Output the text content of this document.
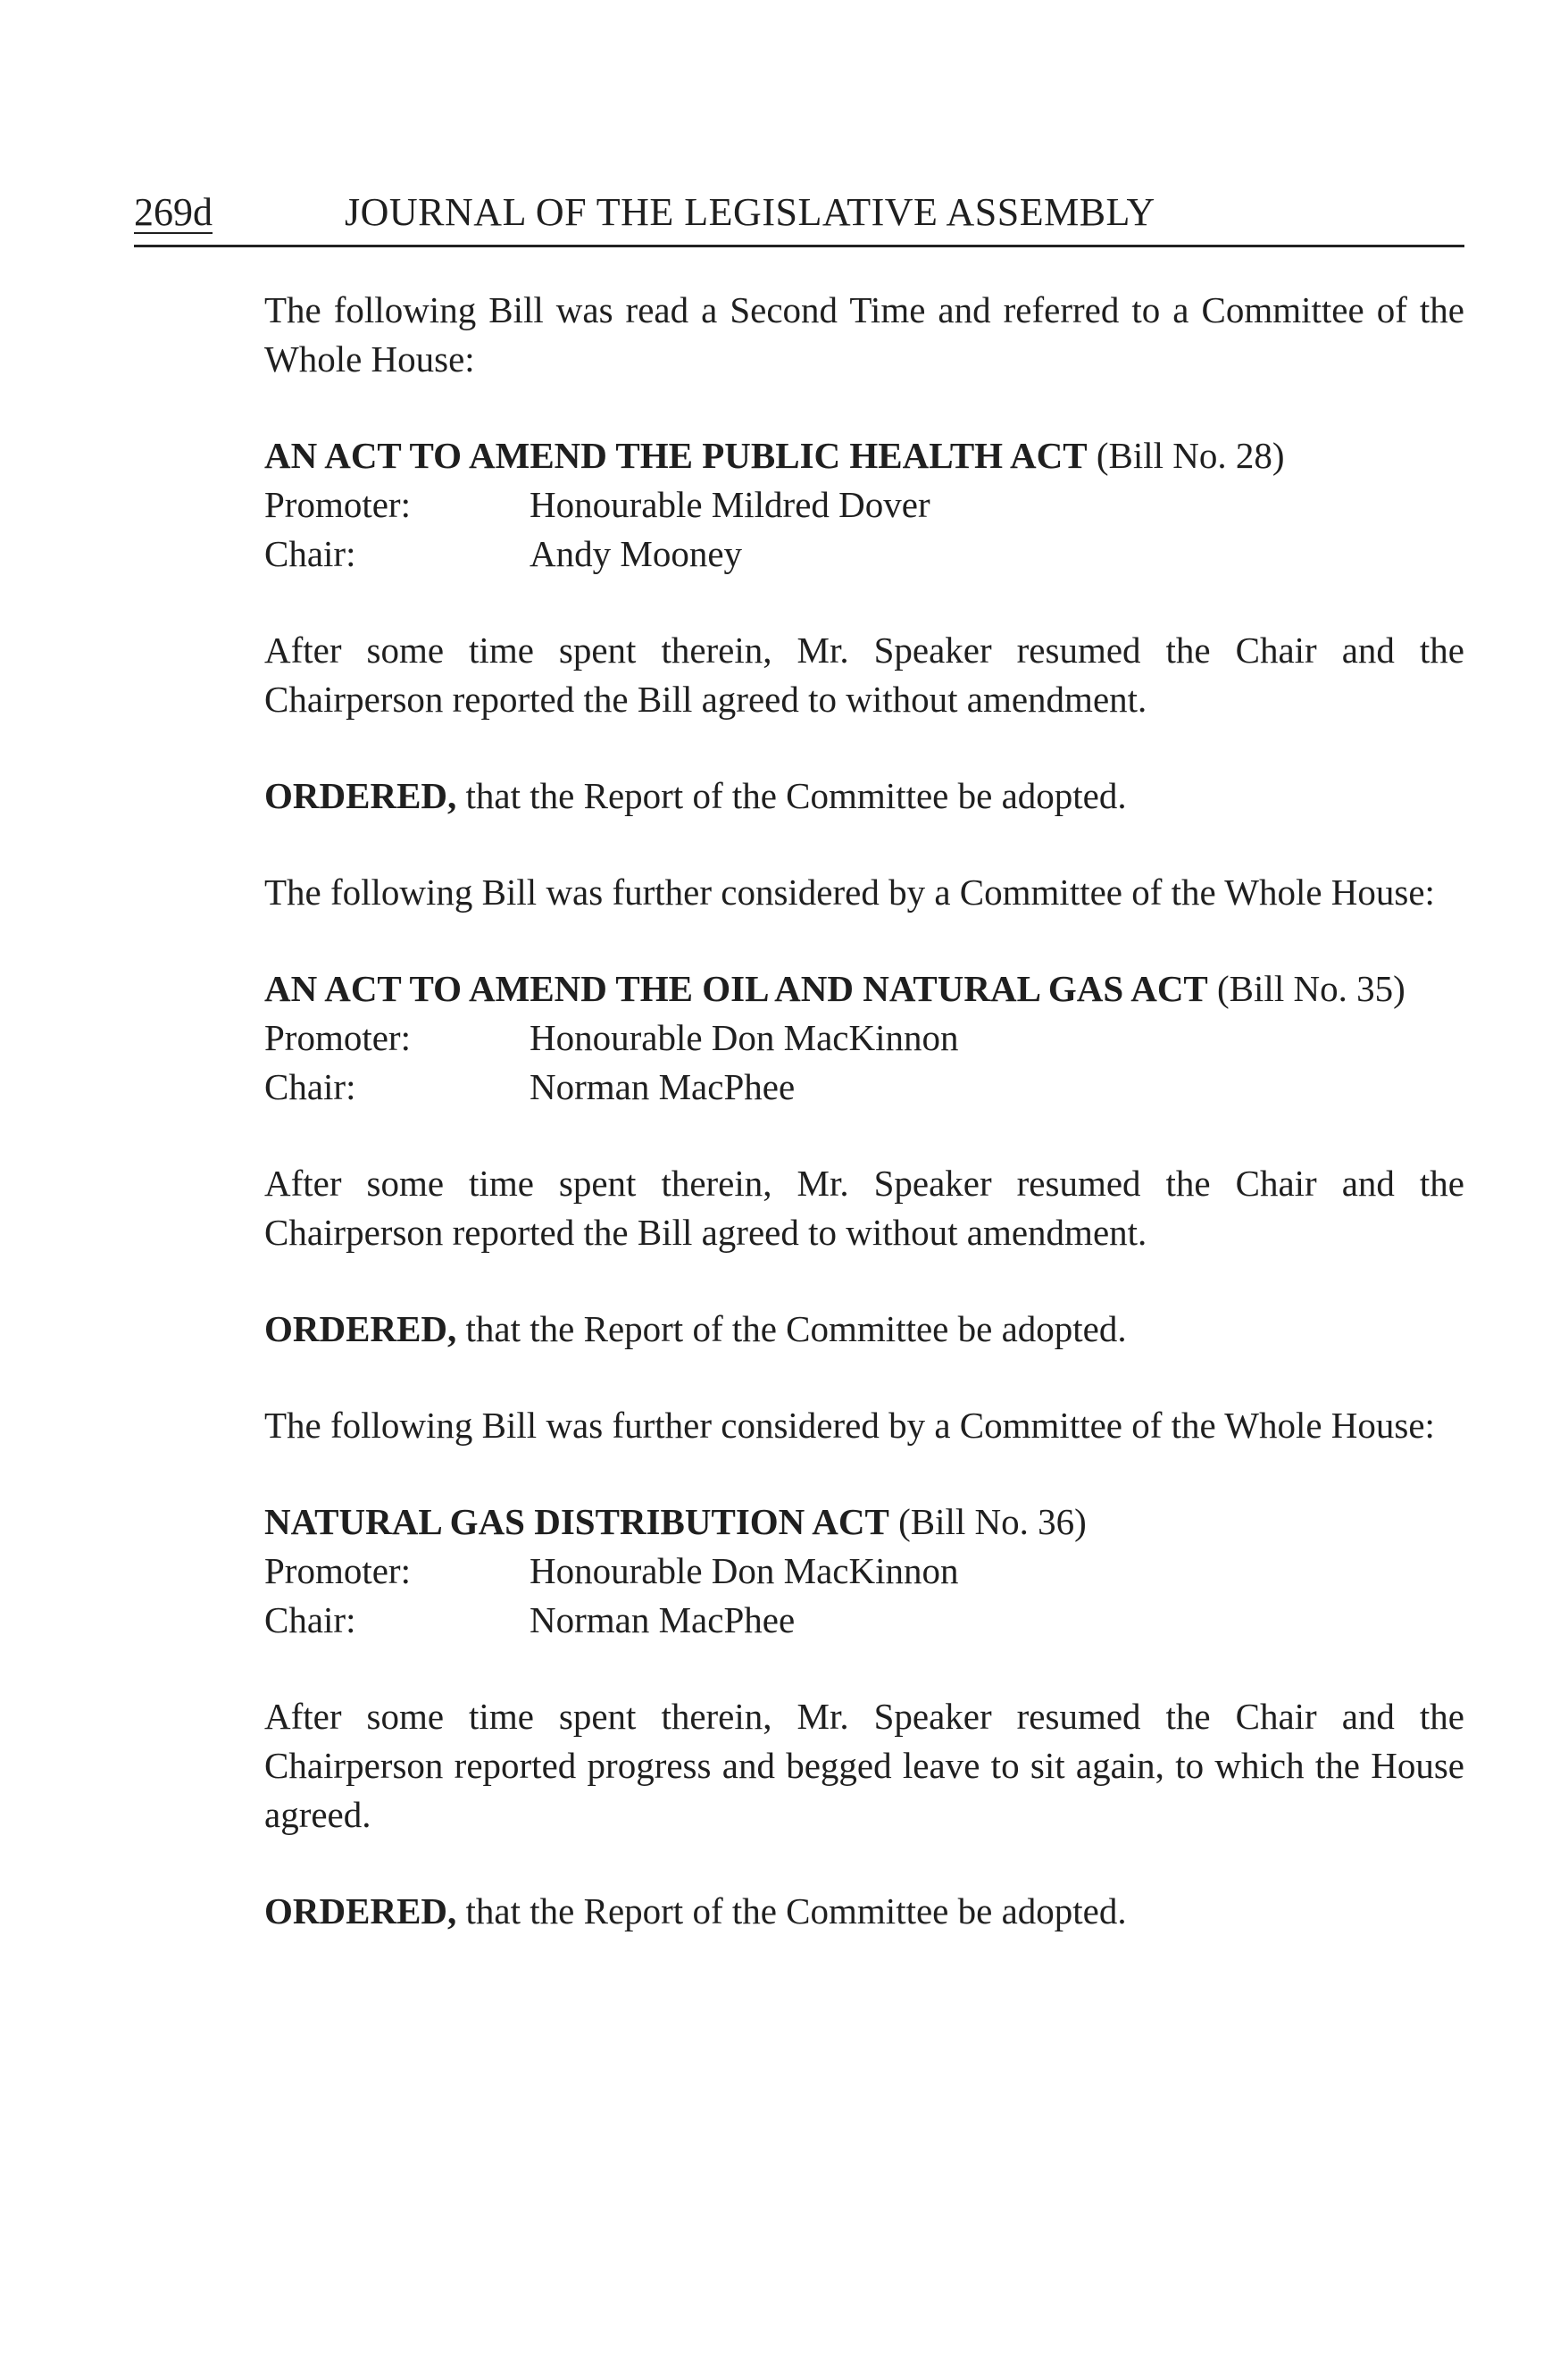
269d	JOURNAL OF THE LEGISLATIVE ASSEMBLY

The following Bill was read a Second Time and referred to a Committee of the Whole House:

AN ACT TO AMEND THE PUBLIC HEALTH ACT (Bill No. 28)

Promoter:	Honourable Mildred Dover
Chair:	Andy Mooney

After some time spent therein, Mr. Speaker resumed the Chair and the Chairperson reported the Bill agreed to without amendment.

ORDERED, that the Report of the Committee be adopted.

The following Bill was further considered by a Committee of the Whole House:

AN ACT TO AMEND THE OIL AND NATURAL GAS ACT (Bill No. 35)

Promoter:	Honourable Don MacKinnon
Chair:	Norman MacPhee

After some time spent therein, Mr. Speaker resumed the Chair and the Chairperson reported the Bill agreed to without amendment.

ORDERED, that the Report of the Committee be adopted.

The following Bill was further considered by a Committee of the Whole House:

NATURAL GAS DISTRIBUTION ACT (Bill No. 36)

Promoter:	Honourable Don MacKinnon
Chair:	Norman MacPhee

After some time spent therein, Mr. Speaker resumed the Chair and the Chairperson reported progress and begged leave to sit again, to which the House agreed.

ORDERED, that the Report of the Committee be adopted.
